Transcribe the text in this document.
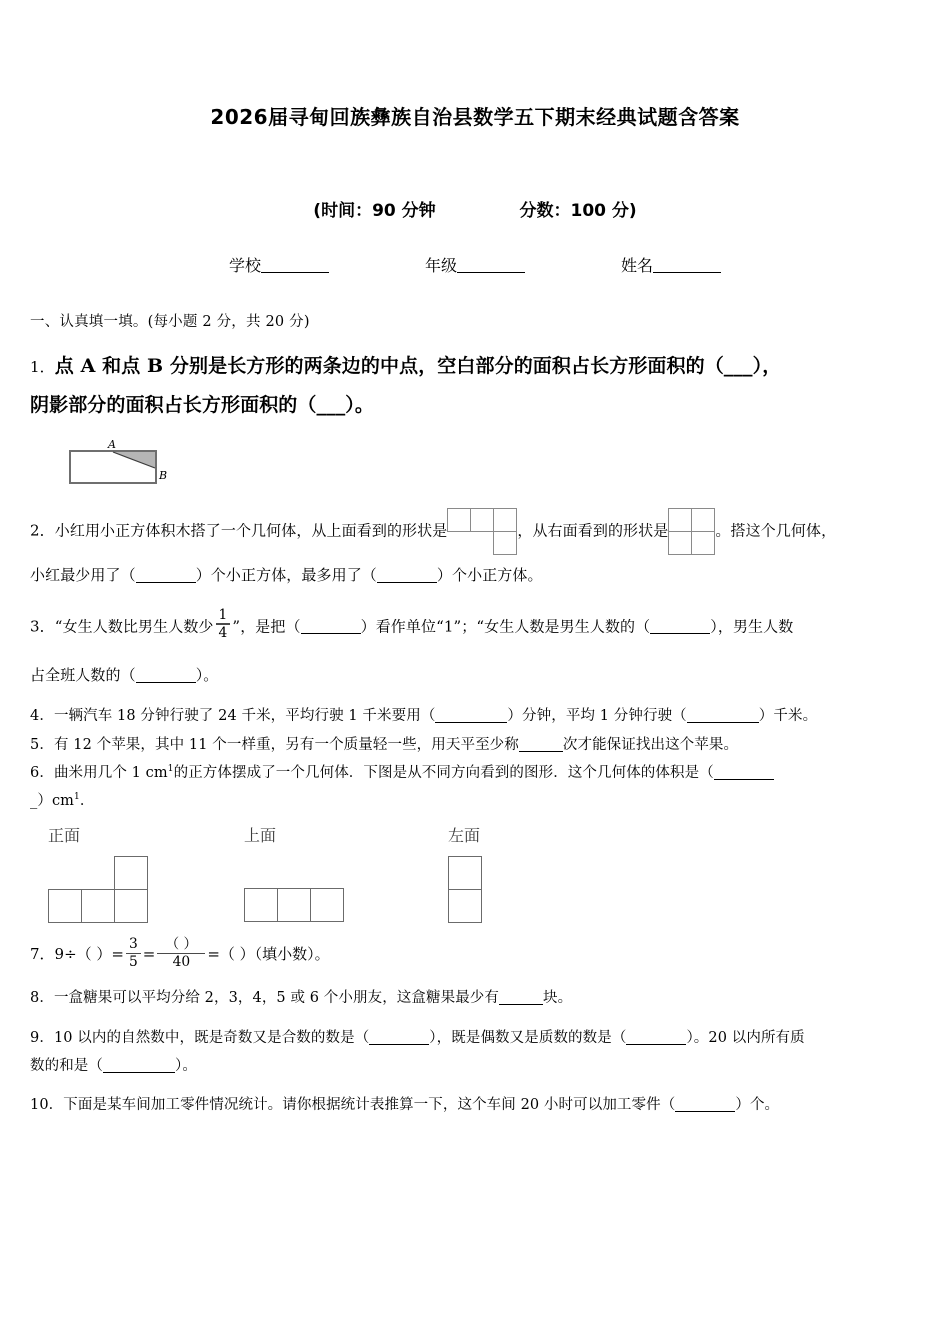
2026届寻甸回族彝族自治县数学五下期末经典试题含答案
(时间：90 分钟	分数：100 分)
学校	年级	姓名
一、认真填一填。(每小题 2 分，共 20 分)
1．点 A 和点 B 分别是长方形的两条边的中点，空白部分的面积占长方形面积的（___），
阴影部分的面积占长方形面积的（___）。
A
B
2．小红用小正方体积木搭了一个几何体，从上面看到的形状是

			，从右面看到的形状是

		。搭这个几何体，
小红最少用了（	）个小正方体，最多用了（	）个小正方体。
3．“女生人数比男生人数少 $\frac{1}{4}$ ”，是把（	）看作单位“1”；“女生人数是男生人数的（	），男生人数
占全班人数的（	）。
4．一辆汽车 18 分钟行驶了 24 千米，平均行驶 1 千米要用（	）分钟，平均 1 分钟行驶（	）千米。
5．有 12 个苹果，其中 11 个一样重，另有一个质量轻一些，用天平至少称	次才能保证找出这个苹果。
6．曲米用几个 1 $cm^1$的正方体摆成了一个几何体．下图是从不同方向看到的图形．这个几何体的体积是（
$\_)cm^1$．
正面

			上面
			左面

7． 9÷（ ）= $\frac{3}{5} = \frac{( )}{40}$ =（ ）（填小数）。
8．一盒糖果可以平均分给 2，3，4，5 或 6 个小朋友，这盒糖果最少有	块。
9．10 以内的自然数中，既是奇数又是合数的数是（	），既是偶数又是质数的数是（	）。20 以内所有质
数的和是（	）。
10．下面是某车间加工零件情况统计。请你根据统计表推算一下，这个车间 20 小时可以加工零件（	）个。
